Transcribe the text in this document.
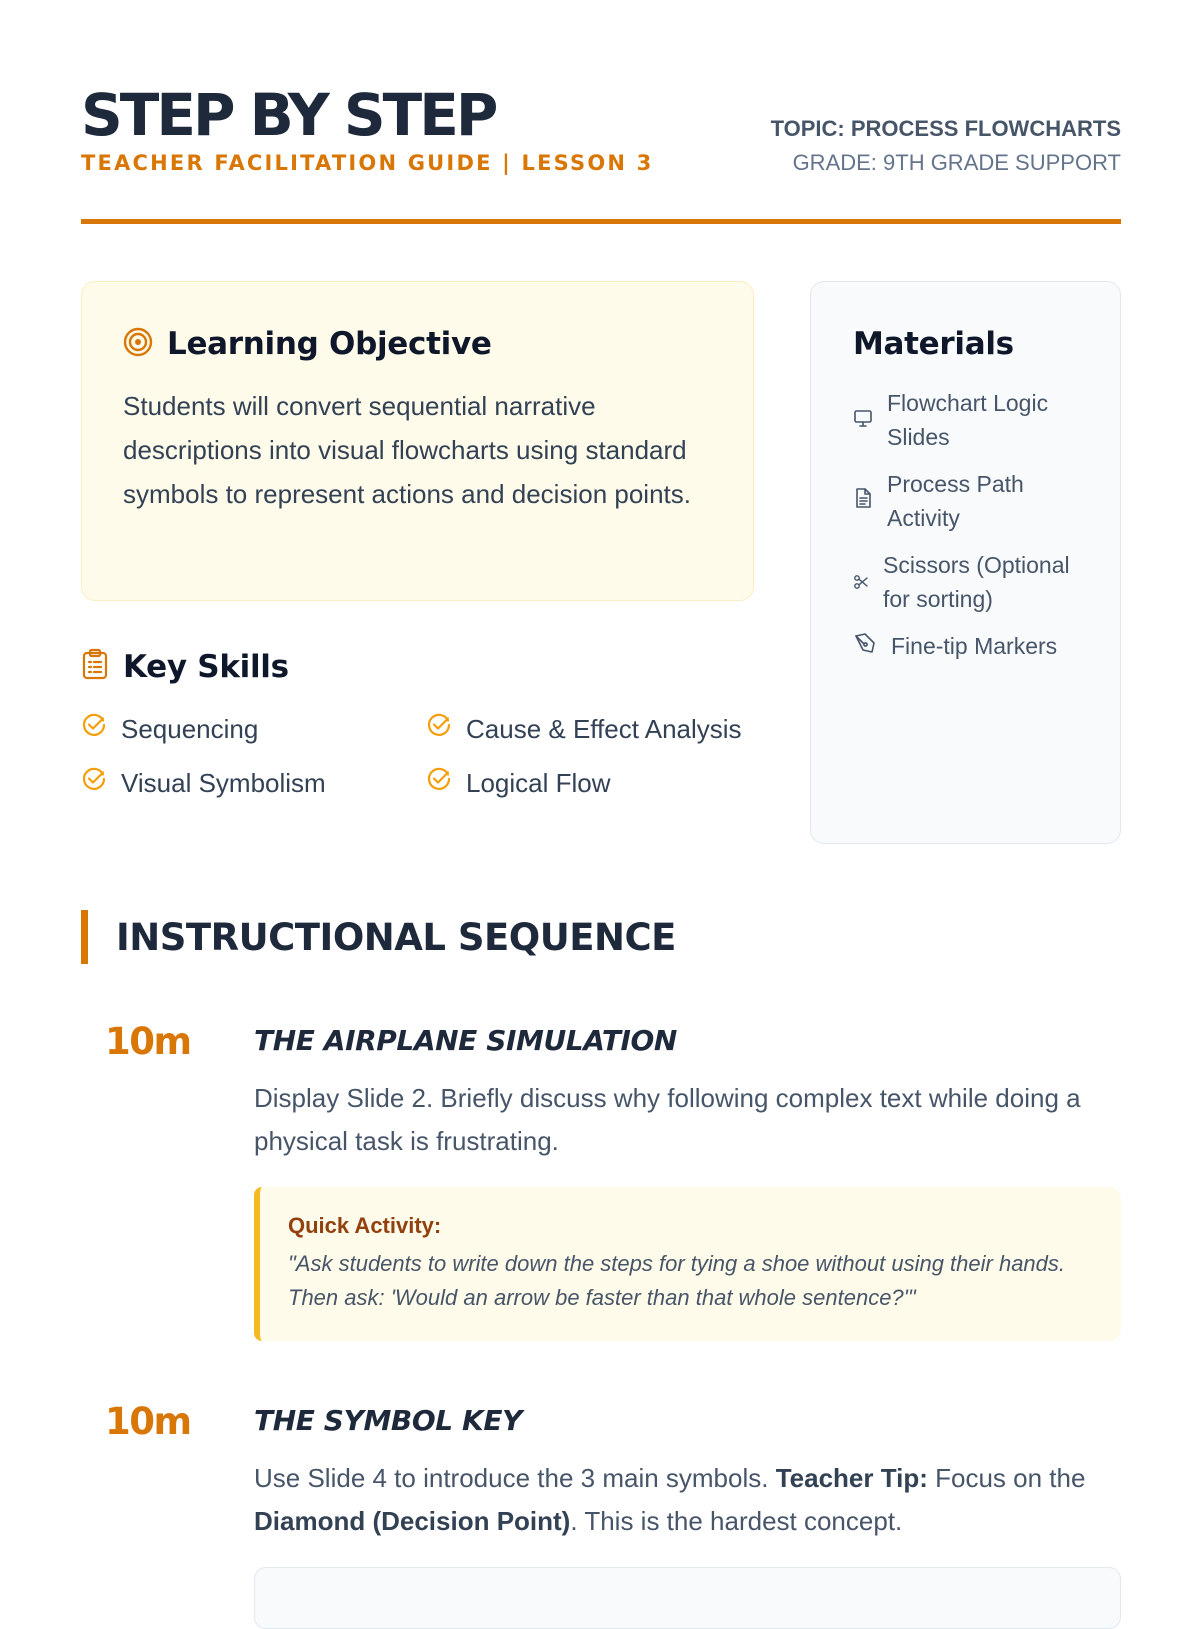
STEP BY STEP
TEACHER FACILITATION GUIDE | LESSON 3
TOPIC: PROCESS FLOWCHARTS
GRADE: 9TH GRADE SUPPORT
Learning Objective
Students will convert sequential narrative descriptions into visual flowcharts using standard symbols to represent actions and decision points.
Materials
Flowchart Logic Slides
Process Path Activity
Scissors (Optional for sorting)
Fine-tip Markers
Key Skills
Sequencing	Cause & Effect Analysis
Visual Symbolism	Logical Flow
INSTRUCTIONAL SEQUENCE
10m THE AIRPLANE SIMULATION
Display Slide 2. Briefly discuss why following complex text while doing a physical task is frustrating.
Quick Activity:
"Ask students to write down the steps for tying a shoe without using their hands. Then ask: 'Would an arrow be faster than that whole sentence?'"
10m THE SYMBOL KEY
Use Slide 4 to introduce the 3 main symbols. Teacher Tip: Focus on the Diamond (Decision Point). This is the hardest concept.
